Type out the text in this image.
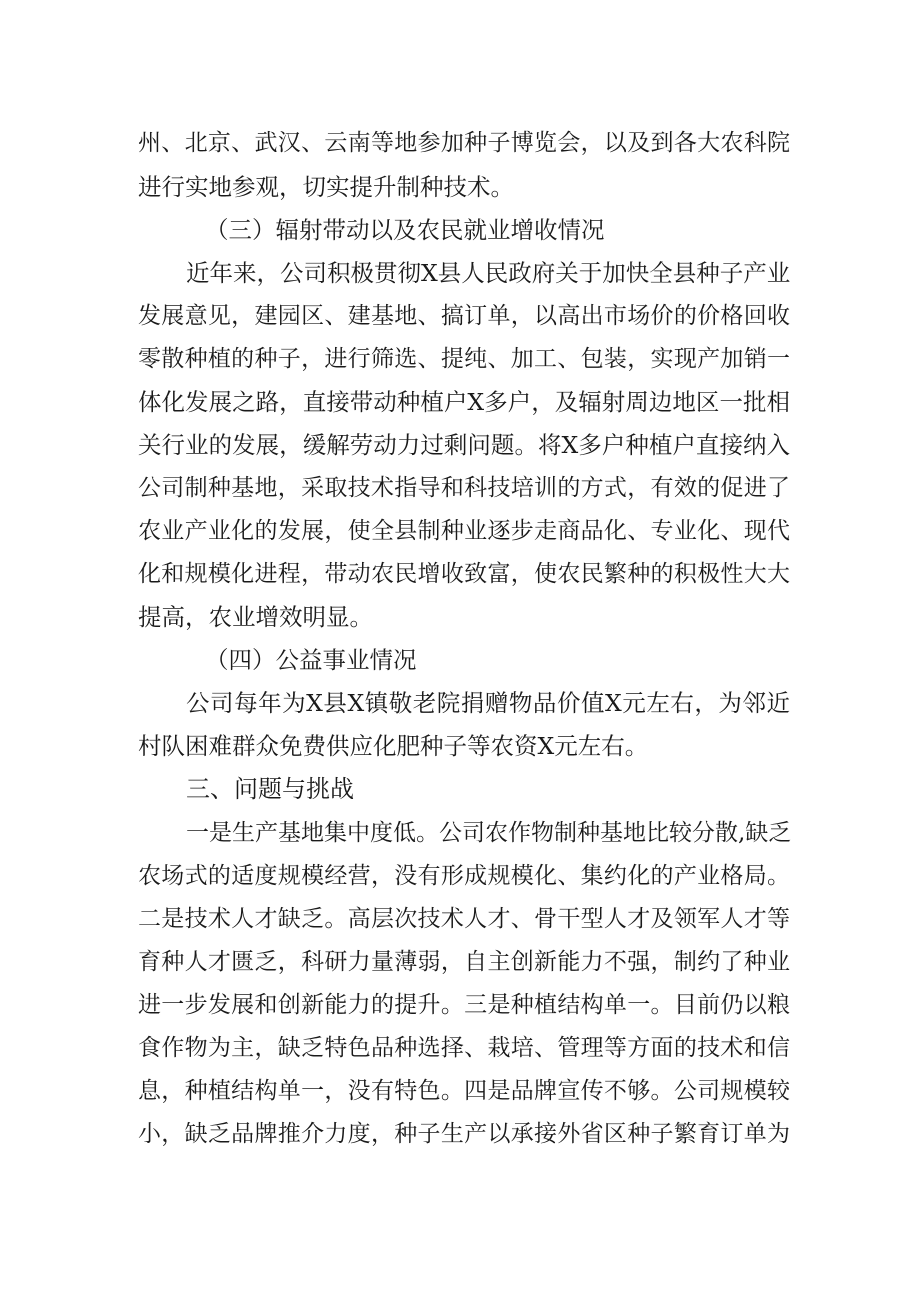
州、北京、武汉、云南等地参加种子博览会，以及到各大农科院
进行实地参观，切实提升制种技术。
（三）辐射带动以及农民就业增收情况
近年来，公司积极贯彻X县人民政府关于加快全县种子产业
发展意见，建园区、建基地、搞订单，以高出市场价的价格回收
零散种植的种子，进行筛选、提纯、加工、包装，实现产加销一
体化发展之路，直接带动种植户X多户，及辐射周边地区一批相
关行业的发展，缓解劳动力过剩问题。将X多户种植户直接纳入
公司制种基地，采取技术指导和科技培训的方式，有效的促进了
农业产业化的发展，使全县制种业逐步走商品化、专业化、现代
化和规模化进程，带动农民增收致富，使农民繁种的积极性大大
提高，农业增效明显。
（四）公益事业情况
公司每年为X县X镇敬老院捐赠物品价值X元左右，为邻近
村队困难群众免费供应化肥种子等农资X元左右。
三、问题与挑战
一是生产基地集中度低。公司农作物制种基地比较分散,缺乏
农场式的适度规模经营，没有形成规模化、集约化的产业格局。
二是技术人才缺乏。高层次技术人才、骨干型人才及领军人才等
育种人才匮乏，科研力量薄弱，自主创新能力不强，制约了种业
进一步发展和创新能力的提升。三是种植结构单一。目前仍以粮
食作物为主，缺乏特色品种选择、栽培、管理等方面的技术和信
息，种植结构单一，没有特色。四是品牌宣传不够。公司规模较
小，缺乏品牌推介力度，种子生产以承接外省区种子繁育订单为
